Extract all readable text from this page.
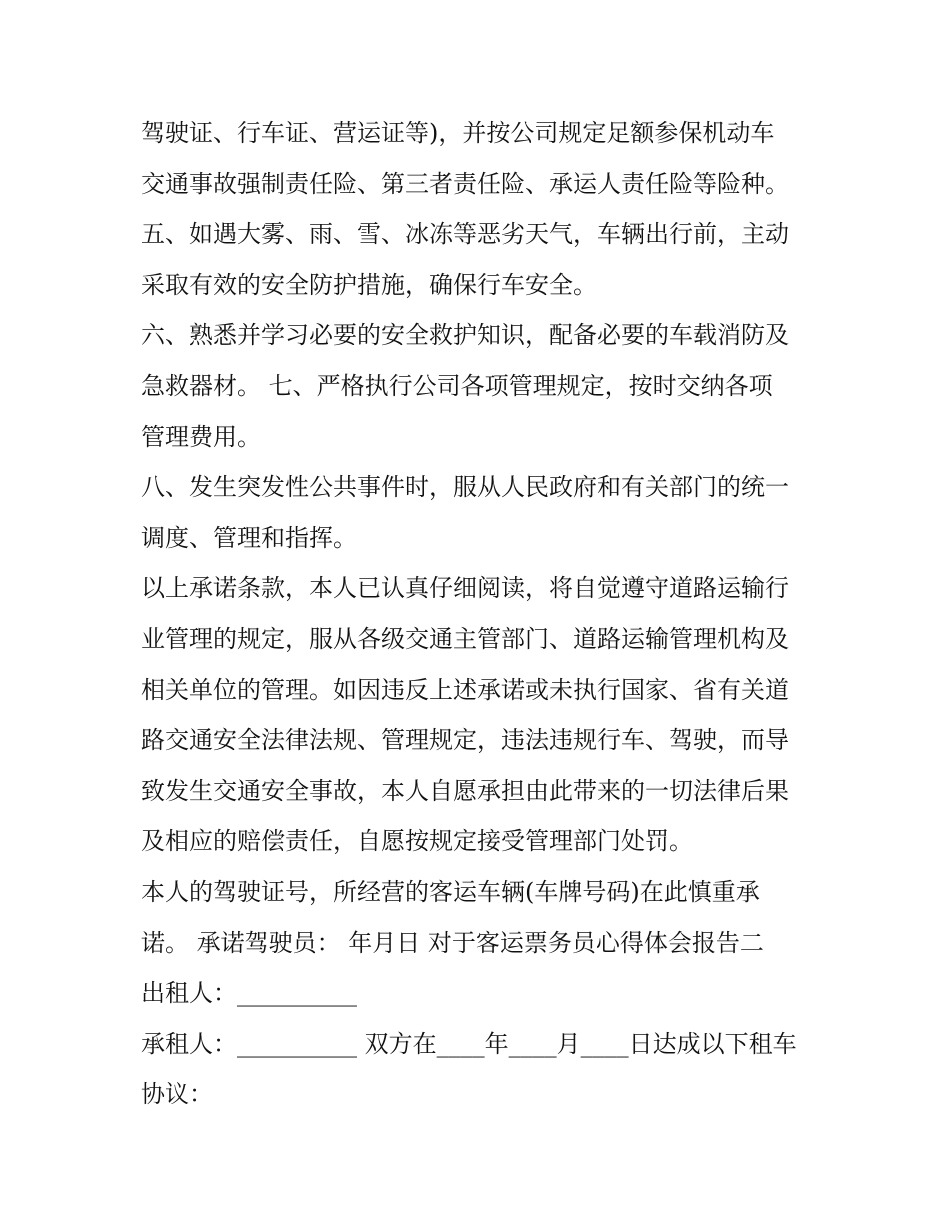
驾驶证、行车证、营运证等)，并按公司规定足额参保机动车
交通事故强制责任险、第三者责任险、承运人责任险等险种。
五、如遇大雾、雨、雪、冰冻等恶劣天气，车辆出行前，主动
采取有效的安全防护措施，确保行车安全。
六、熟悉并学习必要的安全救护知识，配备必要的车载消防及
急救器材。 七、严格执行公司各项管理规定，按时交纳各项
管理费用。
八、发生突发性公共事件时，服从人民政府和有关部门的统一
调度、管理和指挥。
以上承诺条款，本人已认真仔细阅读，将自觉遵守道路运输行
业管理的规定，服从各级交通主管部门、道路运输管理机构及
相关单位的管理。如因违反上述承诺或未执行国家、省有关道
路交通安全法律法规、管理规定，违法违规行车、驾驶，而导
致发生交通安全事故，本人自愿承担由此带来的一切法律后果
及相应的赔偿责任，自愿按规定接受管理部门处罚。
本人的驾驶证号，所经营的客运车辆(车牌号码)在此慎重承
诺。 承诺驾驶员： 年月日 对于客运票务员心得体会报告二
出租人：__________
承租人：__________ 双方在____年____月____日达成以下租车
协议：
